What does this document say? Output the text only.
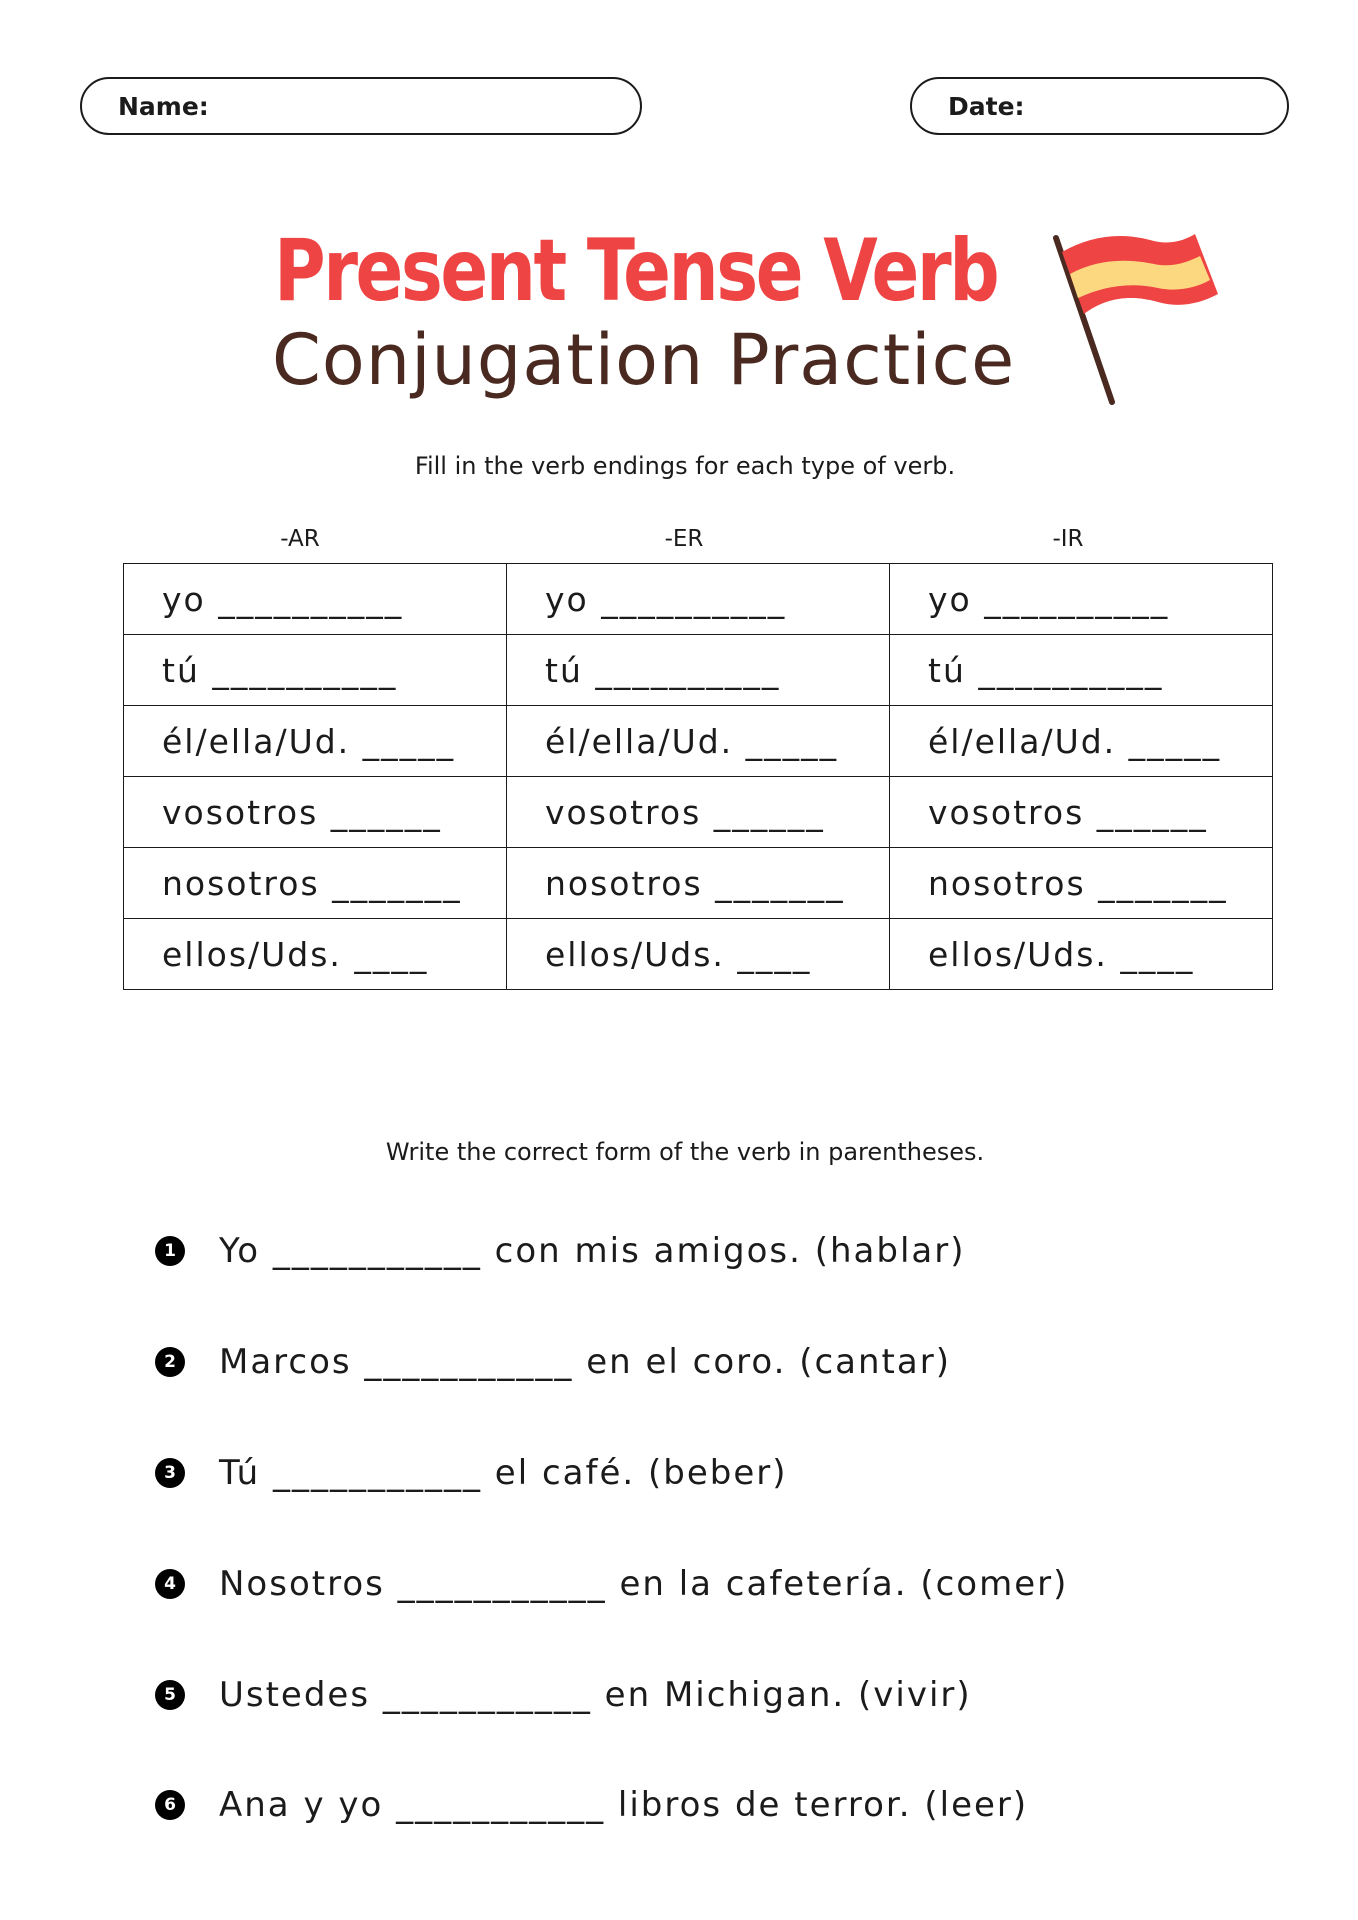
Name:	Date:
Present Tense Verb
Conjugation Practice
Fill in the verb endings for each type of verb.
-AR	-ER	-IR
yo __________	yo __________	yo __________
tú __________	tú __________	tú __________
él/ella/Ud. _____	él/ella/Ud. _____	él/ella/Ud. _____
vosotros ______	vosotros ______	vosotros ______
nosotros _______	nosotros _______	nosotros _______
ellos/Uds. ____	ellos/Uds. ____	ellos/Uds. ____
Write the correct form of the verb in parentheses.
1 Yo ___________ con mis amigos. (hablar)
2 Marcos ___________ en el coro. (cantar)
3 Tú ___________ el café. (beber)
4 Nosotros ___________ en la cafetería. (comer)
5 Ustedes ___________ en Michigan. (vivir)
6 Ana y yo ___________ libros de terror. (leer)
